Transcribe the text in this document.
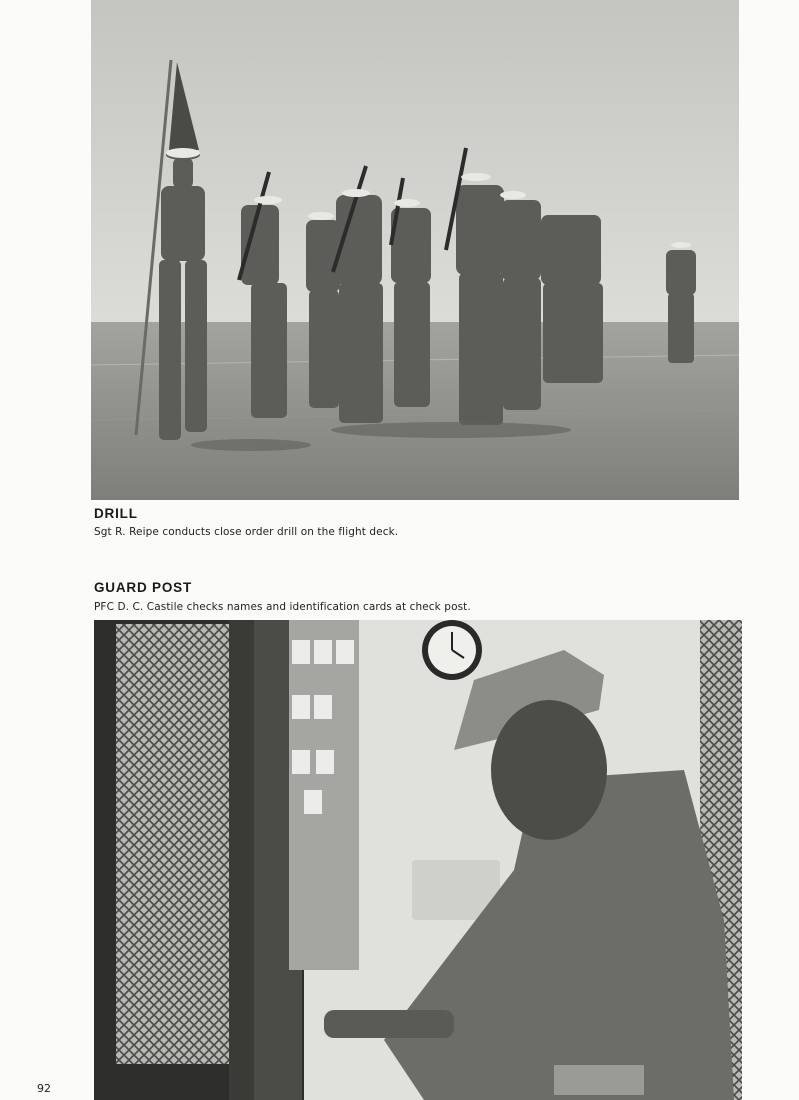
DRILL
Sgt R. Reipe conducts close order drill on the flight deck.
GUARD POST
PFC D. C. Castile checks names and identification cards at check post.
92
